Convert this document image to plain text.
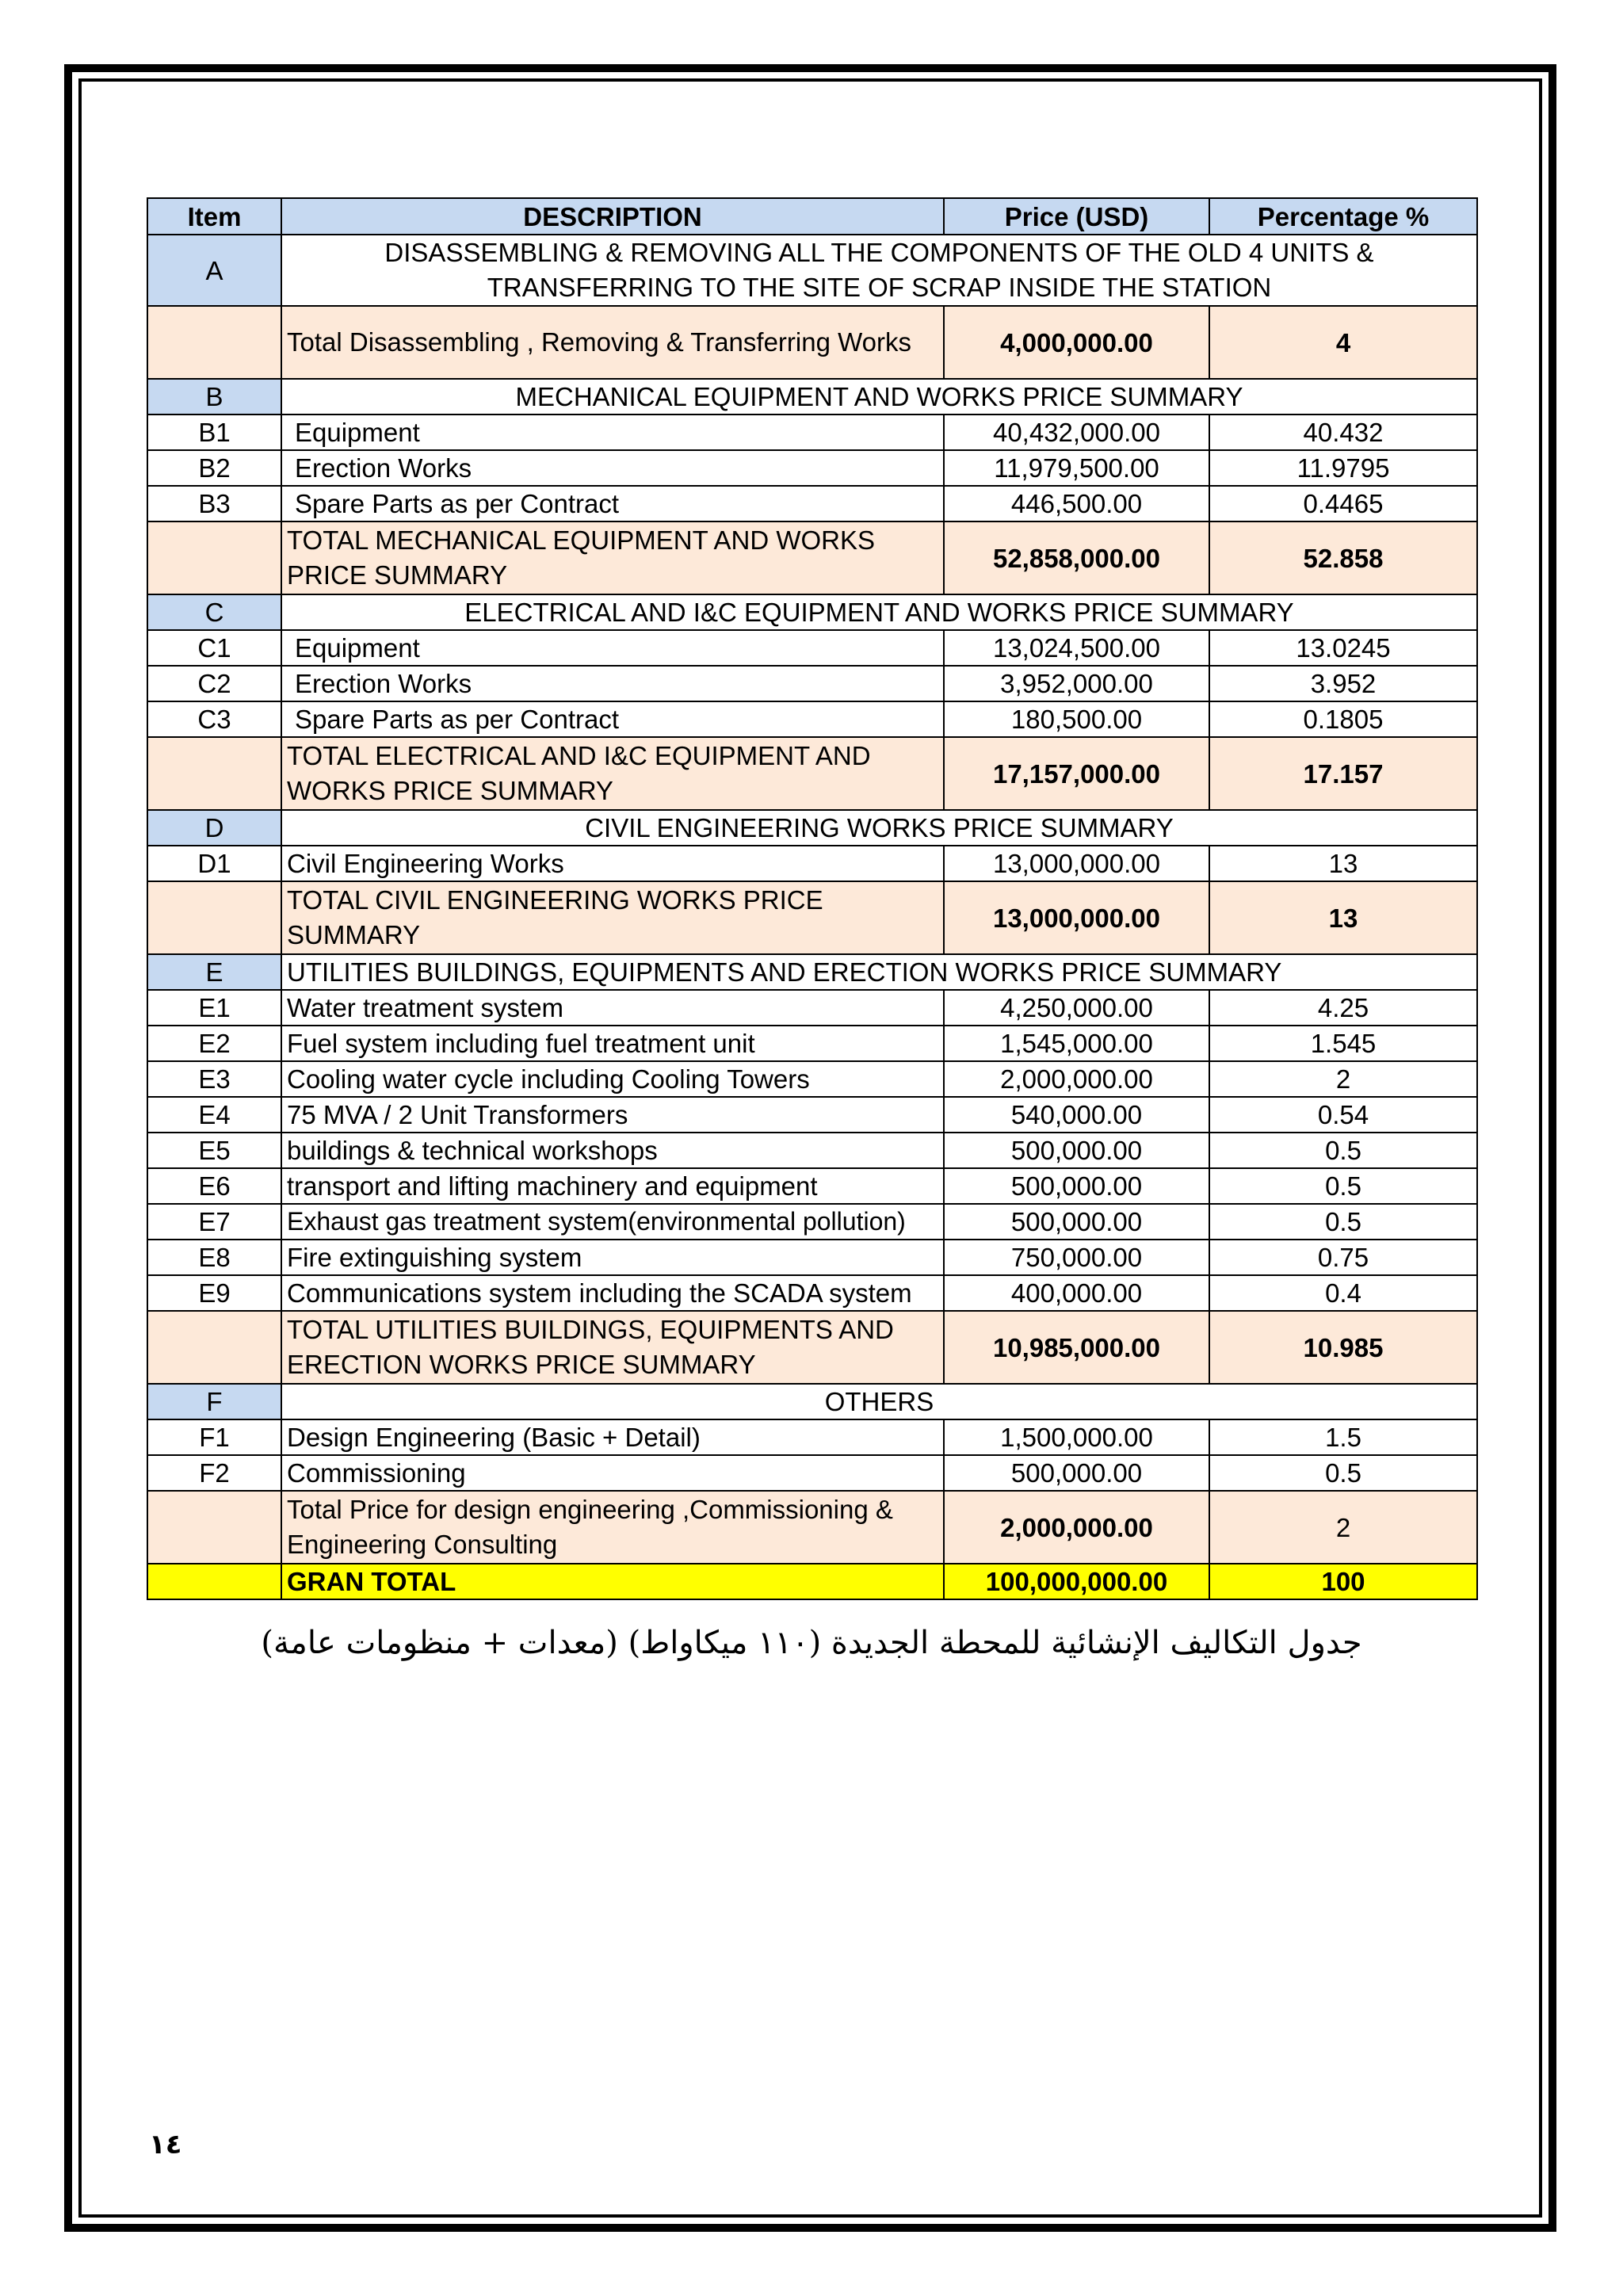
Item	DESCRIPTION	Price (USD)	Percentage %
A	DISASSEMBLING & REMOVING ALL THE COMPONENTS OF THE OLD 4 UNITS & TRANSFERRING TO THE SITE OF SCRAP INSIDE THE STATION		
	Total Disassembling , Removing & Transferring Works	4,000,000.00	4
B	MECHANICAL EQUIPMENT AND WORKS PRICE SUMMARY		
B1	Equipment	40,432,000.00	40.432
B2	Erection Works	11,979,500.00	11.9795
B3	Spare Parts as per Contract	446,500.00	0.4465
	TOTAL MECHANICAL EQUIPMENT AND WORKS PRICE SUMMARY	52,858,000.00	52.858
C	ELECTRICAL AND I&C EQUIPMENT AND WORKS PRICE SUMMARY		
C1	Equipment	13,024,500.00	13.0245
C2	Erection Works	3,952,000.00	3.952
C3	Spare Parts as per Contract	180,500.00	0.1805
	TOTAL ELECTRICAL AND I&C EQUIPMENT AND WORKS PRICE SUMMARY	17,157,000.00	17.157
D	CIVIL ENGINEERING WORKS PRICE SUMMARY		
D1	Civil Engineering Works	13,000,000.00	13
	TOTAL CIVIL ENGINEERING WORKS PRICE SUMMARY	13,000,000.00	13
E	UTILITIES BUILDINGS, EQUIPMENTS AND ERECTION WORKS PRICE SUMMARY		
E1	Water treatment system	4,250,000.00	4.25
E2	Fuel system including fuel treatment unit	1,545,000.00	1.545
E3	Cooling water cycle including Cooling Towers	2,000,000.00	2
E4	75 MVA / 2 Unit Transformers	540,000.00	0.54
E5	buildings & technical workshops	500,000.00	0.5
E6	transport and lifting machinery and equipment	500,000.00	0.5
E7	Exhaust gas treatment system(environmental pollution)	500,000.00	0.5
E8	Fire extinguishing system	750,000.00	0.75
E9	Communications system including the SCADA system	400,000.00	0.4
	TOTAL UTILITIES BUILDINGS, EQUIPMENTS AND ERECTION WORKS PRICE SUMMARY	10,985,000.00	10.985
F	OTHERS		
F1	Design Engineering (Basic + Detail)	1,500,000.00	1.5
F2	Commissioning	500,000.00	0.5
	Total Price for design engineering ,Commissioning & Engineering Consulting	2,000,000.00	2
	GRAN TOTAL	100,000,000.00	100
جدول التكاليف الإنشائية للمحطة الجديدة (١١٠ ميكاواط) (معدات + منظومات عامة)
١٤
